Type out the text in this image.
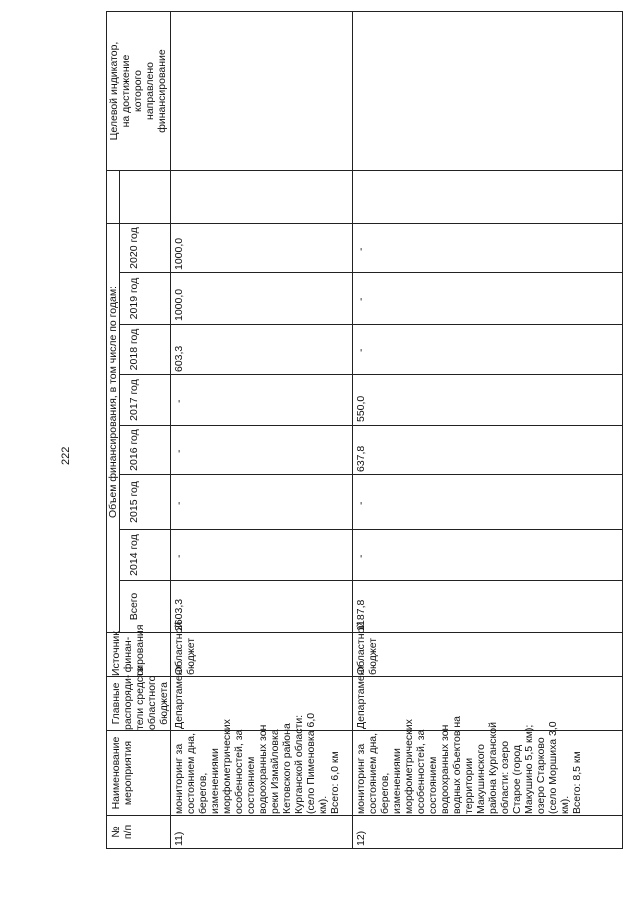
222
№
п/п
Наименование
мероприятия
Главные
распоряди-
тели средств
областного
бюджета
Источник
финан-
сирования
Объем финансирования, в том числе по годам:
Всего
2014 год
2015 год
2016 год
2017 год
2018 год
2019 год
2020 год
Целевой индикатор,
на достижение
которого
направлено
финансирование
11)
мониторинг за
состоянием дна,
берегов,
изменениями
морфометрических
особенностей, за
состоянием
водоохранных зон
реки Измайловка
Кетовского района
Курганской области:
(село Пименовка 6,0
км).
Всего: 6,0 км
Департамент
Областной
бюджет
2603,3
-
-
-
-
603,3
1000,0
1000,0
12)
мониторинг за
состоянием дна,
берегов,
изменениями
морфометрических
особенностей, за
состоянием
водоохранных зон
водных объектов на
территории
Макушинского
района Курганской
области: озеро
Старое (город
Макушино 5,5 км);
озеро Старково
(село Моршиха 3,0
км).
Всего: 8,5 км
Департамент
Областной
бюджет
1187,8
-
-
637,8
550,0
-
-
-
